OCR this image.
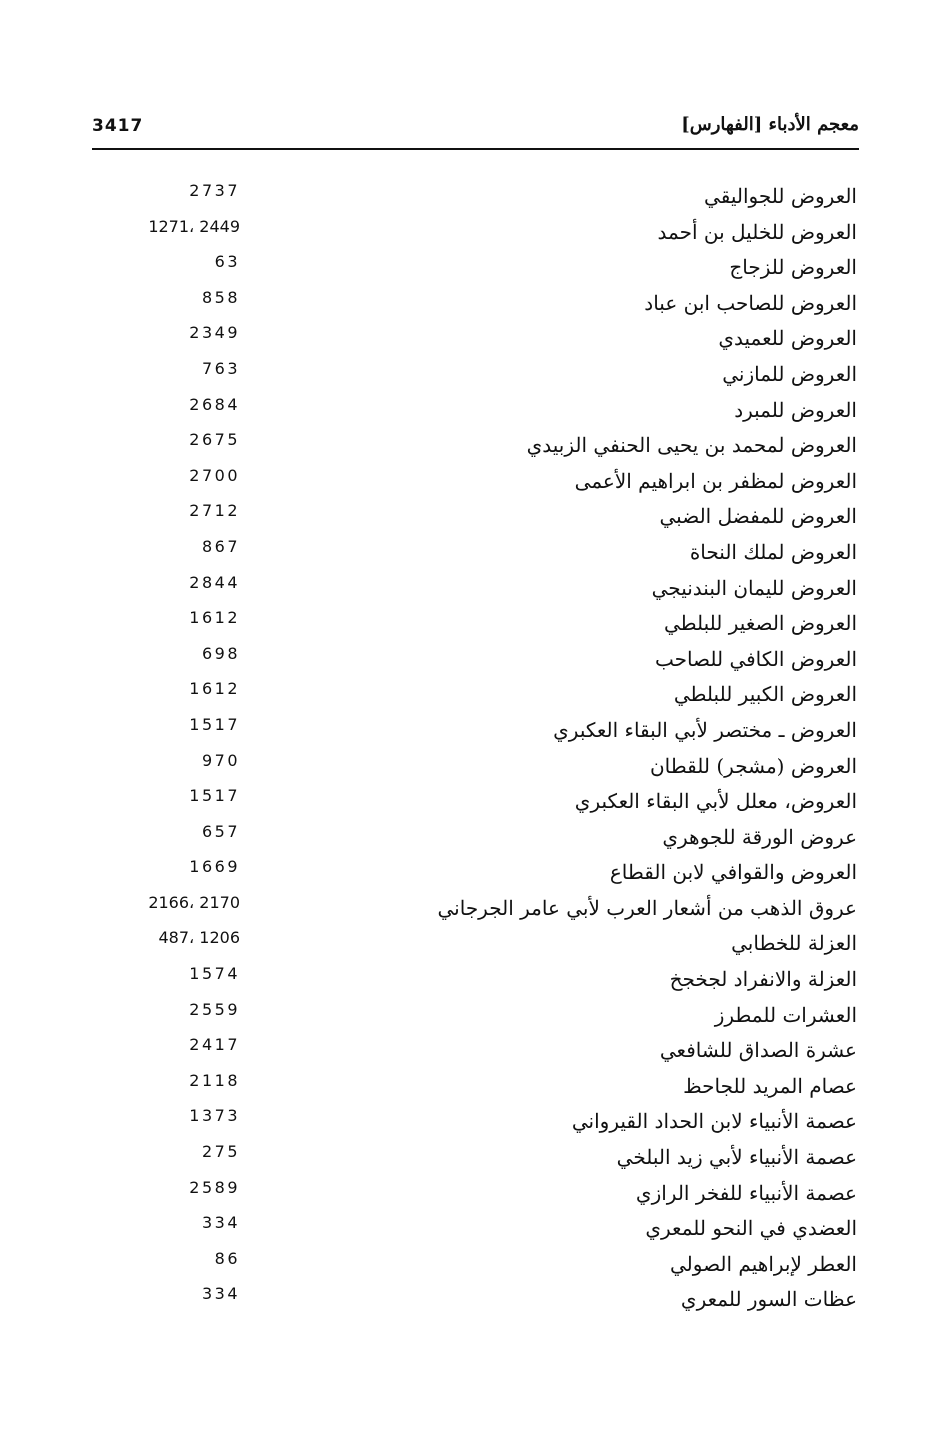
3417	معجم الأدباء [الفهارس]
العروض للجواليقي
2737
العروض للخليل بن أحمد
1271، 2449
العروض للزجاج
63
العروض للصاحب ابن عباد
858
العروض للعميدي
2349
العروض للمازني
763
العروض للمبرد
2684
العروض لمحمد بن يحيى الحنفي الزبيدي
2675
العروض لمظفر بن ابراهيم الأعمى
2700
العروض للمفضل الضبي
2712
العروض لملك النحاة
867
العروض لليمان البندنيجي
2844
العروض الصغير للبلطي
1612
العروض الكافي للصاحب
698
العروض الكبير للبلطي
1612
العروض ـ مختصر لأبي البقاء العكبري
1517
العروض (مشجر) للقطان
970
العروض، معلل لأبي البقاء العكبري
1517
عروض الورقة للجوهري
657
العروض والقوافي لابن القطاع
1669
عروق الذهب من أشعار العرب لأبي عامر الجرجاني
2166، 2170
العزلة للخطابي
487، 1206
العزلة والانفراد لجخجخ
1574
العشرات للمطرز
2559
عشرة الصداق للشافعي
2417
عصام المريد للجاحظ
2118
عصمة الأنبياء لابن الحداد القيرواني
1373
عصمة الأنبياء لأبي زيد البلخي
275
عصمة الأنبياء للفخر الرازي
2589
العضدي في النحو للمعري
334
العطر لإبراهيم الصولي
86
عظات السور للمعري
334
